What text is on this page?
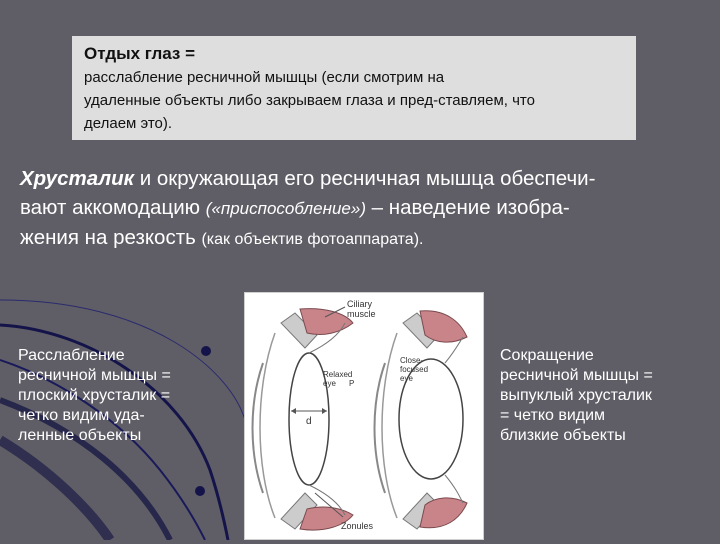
Отдых глаз =
расслабление ресничной мышцы (если смотрим на
удаленные объекты либо закрываем глаза и пред-ставляем, что
делаем это).
Хрусталик и окружающая его ресничная мышца обеспечи-
вают аккомодацию («приспособление») – наведение изобра-
жения на резкость (как объектив фотоаппарата).
d
Relaxed
eye P
Close-
focused
eye
Ciliary
muscle
Zonules
Расслабление
ресничной мышцы =
плоский хрусталик =
четко видим уда-
ленные объекты
Сокращение
ресничной мышцы =
выпуклый хрусталик
= четко видим
близкие объекты
